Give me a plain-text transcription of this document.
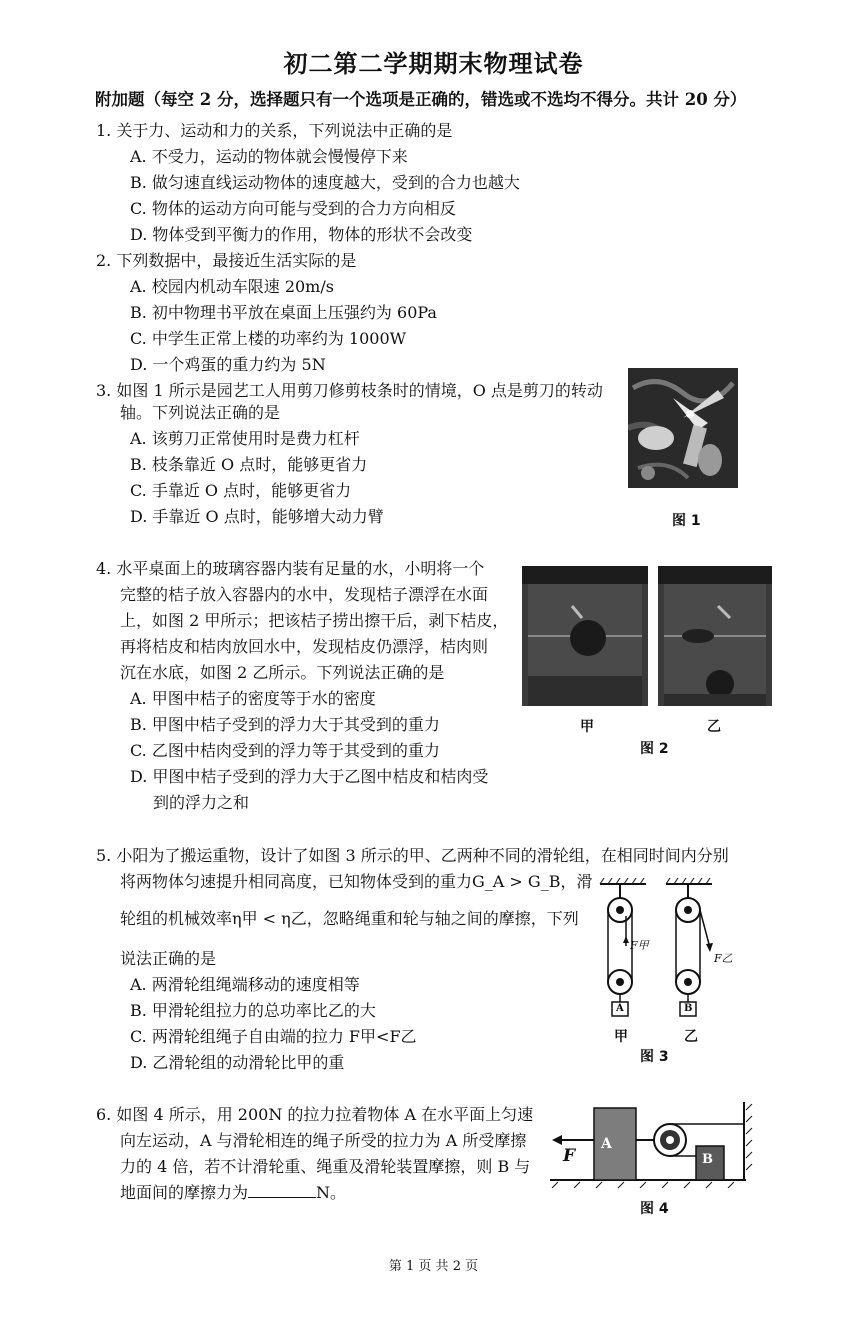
初二第二学期期末物理试卷
附加题（每空 2 分，选择题只有一个选项是正确的，错选或不选均不得分。共计 20 分）
1. 关于力、运动和力的关系，下列说法中正确的是
A. 不受力，运动的物体就会慢慢停下来
B. 做匀速直线运动物体的速度越大，受到的合力也越大
C. 物体的运动方向可能与受到的合力方向相反
D. 物体受到平衡力的作用，物体的形状不会改变
2. 下列数据中，最接近生活实际的是
A. 校园内机动车限速 20m/s
B. 初中物理书平放在桌面上压强约为 60Pa
C. 中学生正常上楼的功率约为 1000W
D. 一个鸡蛋的重力约为 5N
3. 如图 1 所示是园艺工人用剪刀修剪枝条时的情境，O 点是剪刀的转动
轴。下列说法正确的是
A. 该剪刀正常使用时是费力杠杆
B. 枝条靠近 O 点时，能够更省力
C. 手靠近 O 点时，能够更省力
D. 手靠近 O 点时，能够增大动力臂	图 1
4. 水平桌面上的玻璃容器内装有足量的水，小明将一个
完整的桔子放入容器内的水中，发现桔子漂浮在水面
上，如图 2 甲所示；把该桔子捞出擦干后，剥下桔皮，
再将桔皮和桔肉放回水中，发现桔皮仍漂浮，桔肉则
沉在水底，如图 2 乙所示。下列说法正确的是
A. 甲图中桔子的密度等于水的密度
B. 甲图中桔子受到的浮力大于其受到的重力
C. 乙图中桔肉受到的浮力等于其受到的重力
D. 甲图中桔子受到的浮力大于乙图中桔皮和桔肉受
到的浮力之和
甲	乙
图 2
5. 小阳为了搬运重物，设计了如图 3 所示的甲、乙两种不同的滑轮组，在相同时间内分别
将两物体匀速提升相同高度，已知物体受到的重力G_A > G_B，滑
轮组的机械效率η甲 < η乙，忽略绳重和轮与轴之间的摩擦，下列
说法正确的是
A. 两滑轮组绳端移动的速度相等
B. 甲滑轮组拉力的总功率比乙的大
C. 两滑轮组绳子自由端的拉力 F甲<F乙
D. 乙滑轮组的动滑轮比甲的重
F甲
F乙
A	B
甲	乙
图 3
6. 如图 4 所示，用 200N 的拉力拉着物体 A 在水平面上匀速
向左运动，A 与滑轮相连的绳子所受的拉力为 A 所受摩擦
力的 4 倍，若不计滑轮重、绳重及滑轮装置摩擦，则 B 与
地面间的摩擦力为	N。
F
A
B
图 4
第 1 页 共 2 页
